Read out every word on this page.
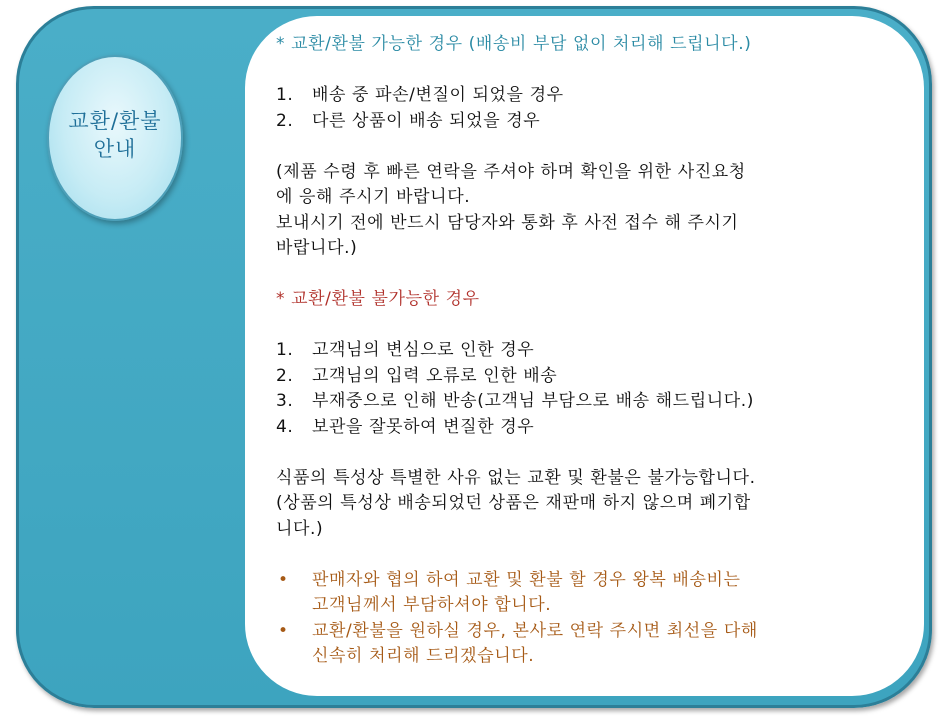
교환/환불
안내

* 교환/환불 가능한 경우 (배송비 부담 없이 처리해 드립니다.)

1. 배송 중 파손/변질이 되었을 경우
2. 다른 상품이 배송 되었을 경우

(제품 수령 후 빠른 연락을 주셔야 하며 확인을 위한 사진요청

에 응해 주시기 바랍니다.

보내시기 전에 반드시 담당자와 통화 후 사전 접수 해 주시기

바랍니다.)

* 교환/환불 불가능한 경우

1. 고객님의 변심으로 인한 경우
2. 고객님의 입력 오류로 인한 배송
3. 부재중으로 인해 반송(고객님 부담으로 배송 해드립니다.)
4. 보관을 잘못하여 변질한 경우

식품의 특성상 특별한 사유 없는 교환 및 환불은 불가능합니다.

(상품의 특성상 배송되었던 상품은 재판매 하지 않으며 폐기합

니다.)

• 판매자와 협의 하여 교환 및 환불 할 경우 왕복 배송비는

고객님께서 부담하셔야 합니다.

• 교환/환불을 원하실 경우, 본사로 연락 주시면 최선을 다해

신속히 처리해 드리겠습니다.
